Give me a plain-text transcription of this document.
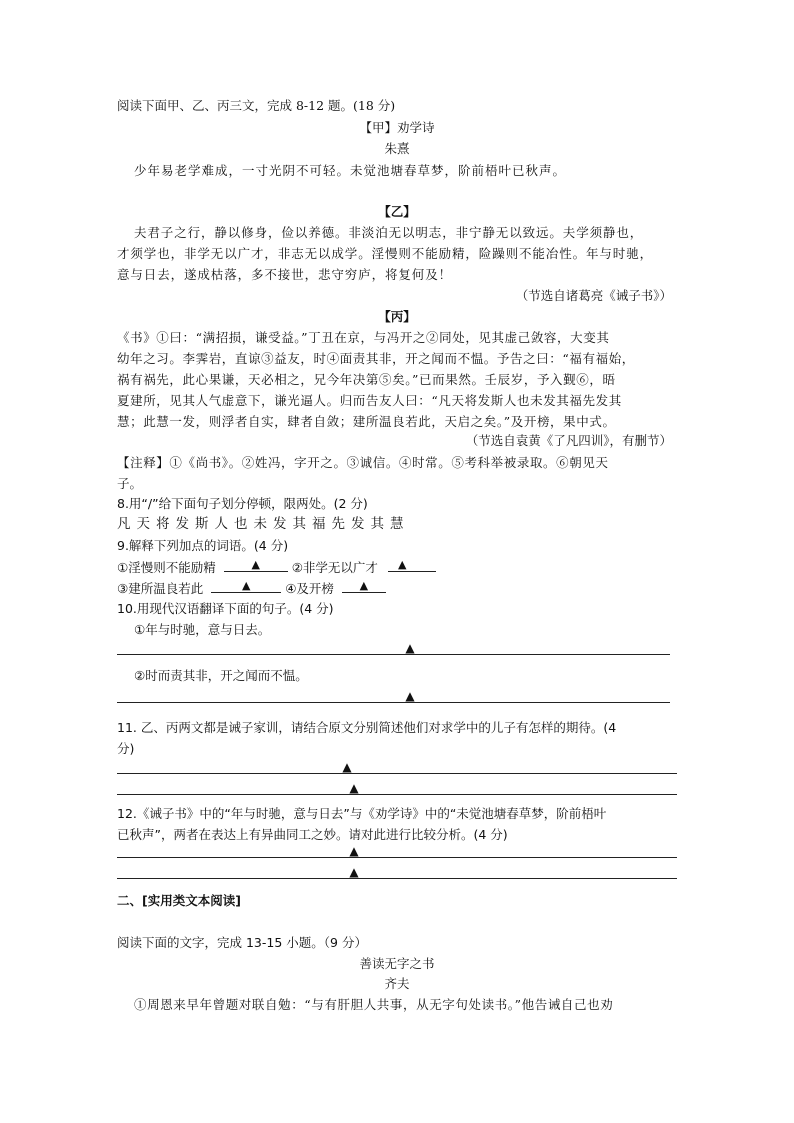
阅读下面甲、乙、丙三文，完成 8-12 题。(18 分)
【甲】劝学诗
朱熹
少年易老学难成，一寸光阴不可轻。未觉池塘春草梦，阶前梧叶已秋声。
【乙】
夫君子之行，静以修身，俭以养德。非淡泊无以明志，非宁静无以致远。夫学须静也，
才须学也，非学无以广才，非志无以成学。淫慢则不能励精，险躁则不能冶性。年与时驰，
意与日去，遂成枯落，多不接世，悲守穷庐，将复何及！
（节选自诸葛亮《诫子书》）
【丙】
《书》①曰：“满招损，谦受益。”丁丑在京，与冯开之②同处，见其虚己敛容，大变其
幼年之习。李霁岩，直谅③益友，时④面责其非，开之闻而不愠。予告之曰：“福有福始，
祸有祸先，此心果谦，天必相之，兄今年决第⑤矣。”已而果然。壬辰岁，予入觐⑥，晤
夏建所，见其人气虚意下，谦光逼人。归而告友人曰：“凡天将发斯人也未发其福先发其
慧；此慧一发，则浮者自实，肆者自敛；建所温良若此，天启之矣。”及开榜，果中式。
（节选自袁黄《了凡四训》，有删节）
【注释】①《尚书》。②姓冯，字开之。③诚信。④时常。⑤考科举被录取。⑥朝见天
子。
8.用“/”给下面句子划分停顿，限两处。(2 分)
凡天将发斯人也未发其福先发其慧
9.解释下列加点的词语。(4 分)
①淫慢则不能励精	▲	②非学无以广才 ▲
③建所温良若此	▲	④及开榜 ▲
10.用现代汉语翻译下面的句子。(4 分)
①年与时驰，意与日去。
▲
②时而责其非，开之闻而不愠。
▲
11. 乙、丙两文都是诫子家训，请结合原文分别简述他们对求学中的儿子有怎样的期待。(4
分)
▲
▲
12.《诫子书》中的“年与时驰，意与日去”与《劝学诗》中的“未觉池塘春草梦，阶前梧叶
已秋声”，两者在表达上有异曲同工之妙。请对此进行比较分析。(4 分)
▲
▲
二、[实用类文本阅读]
阅读下面的文字，完成 13-15 小题。（9 分）
善读无字之书
齐夫
①周恩来早年曾题对联自勉：“与有肝胆人共事，从无字句处读书。”他告诫自己也劝
